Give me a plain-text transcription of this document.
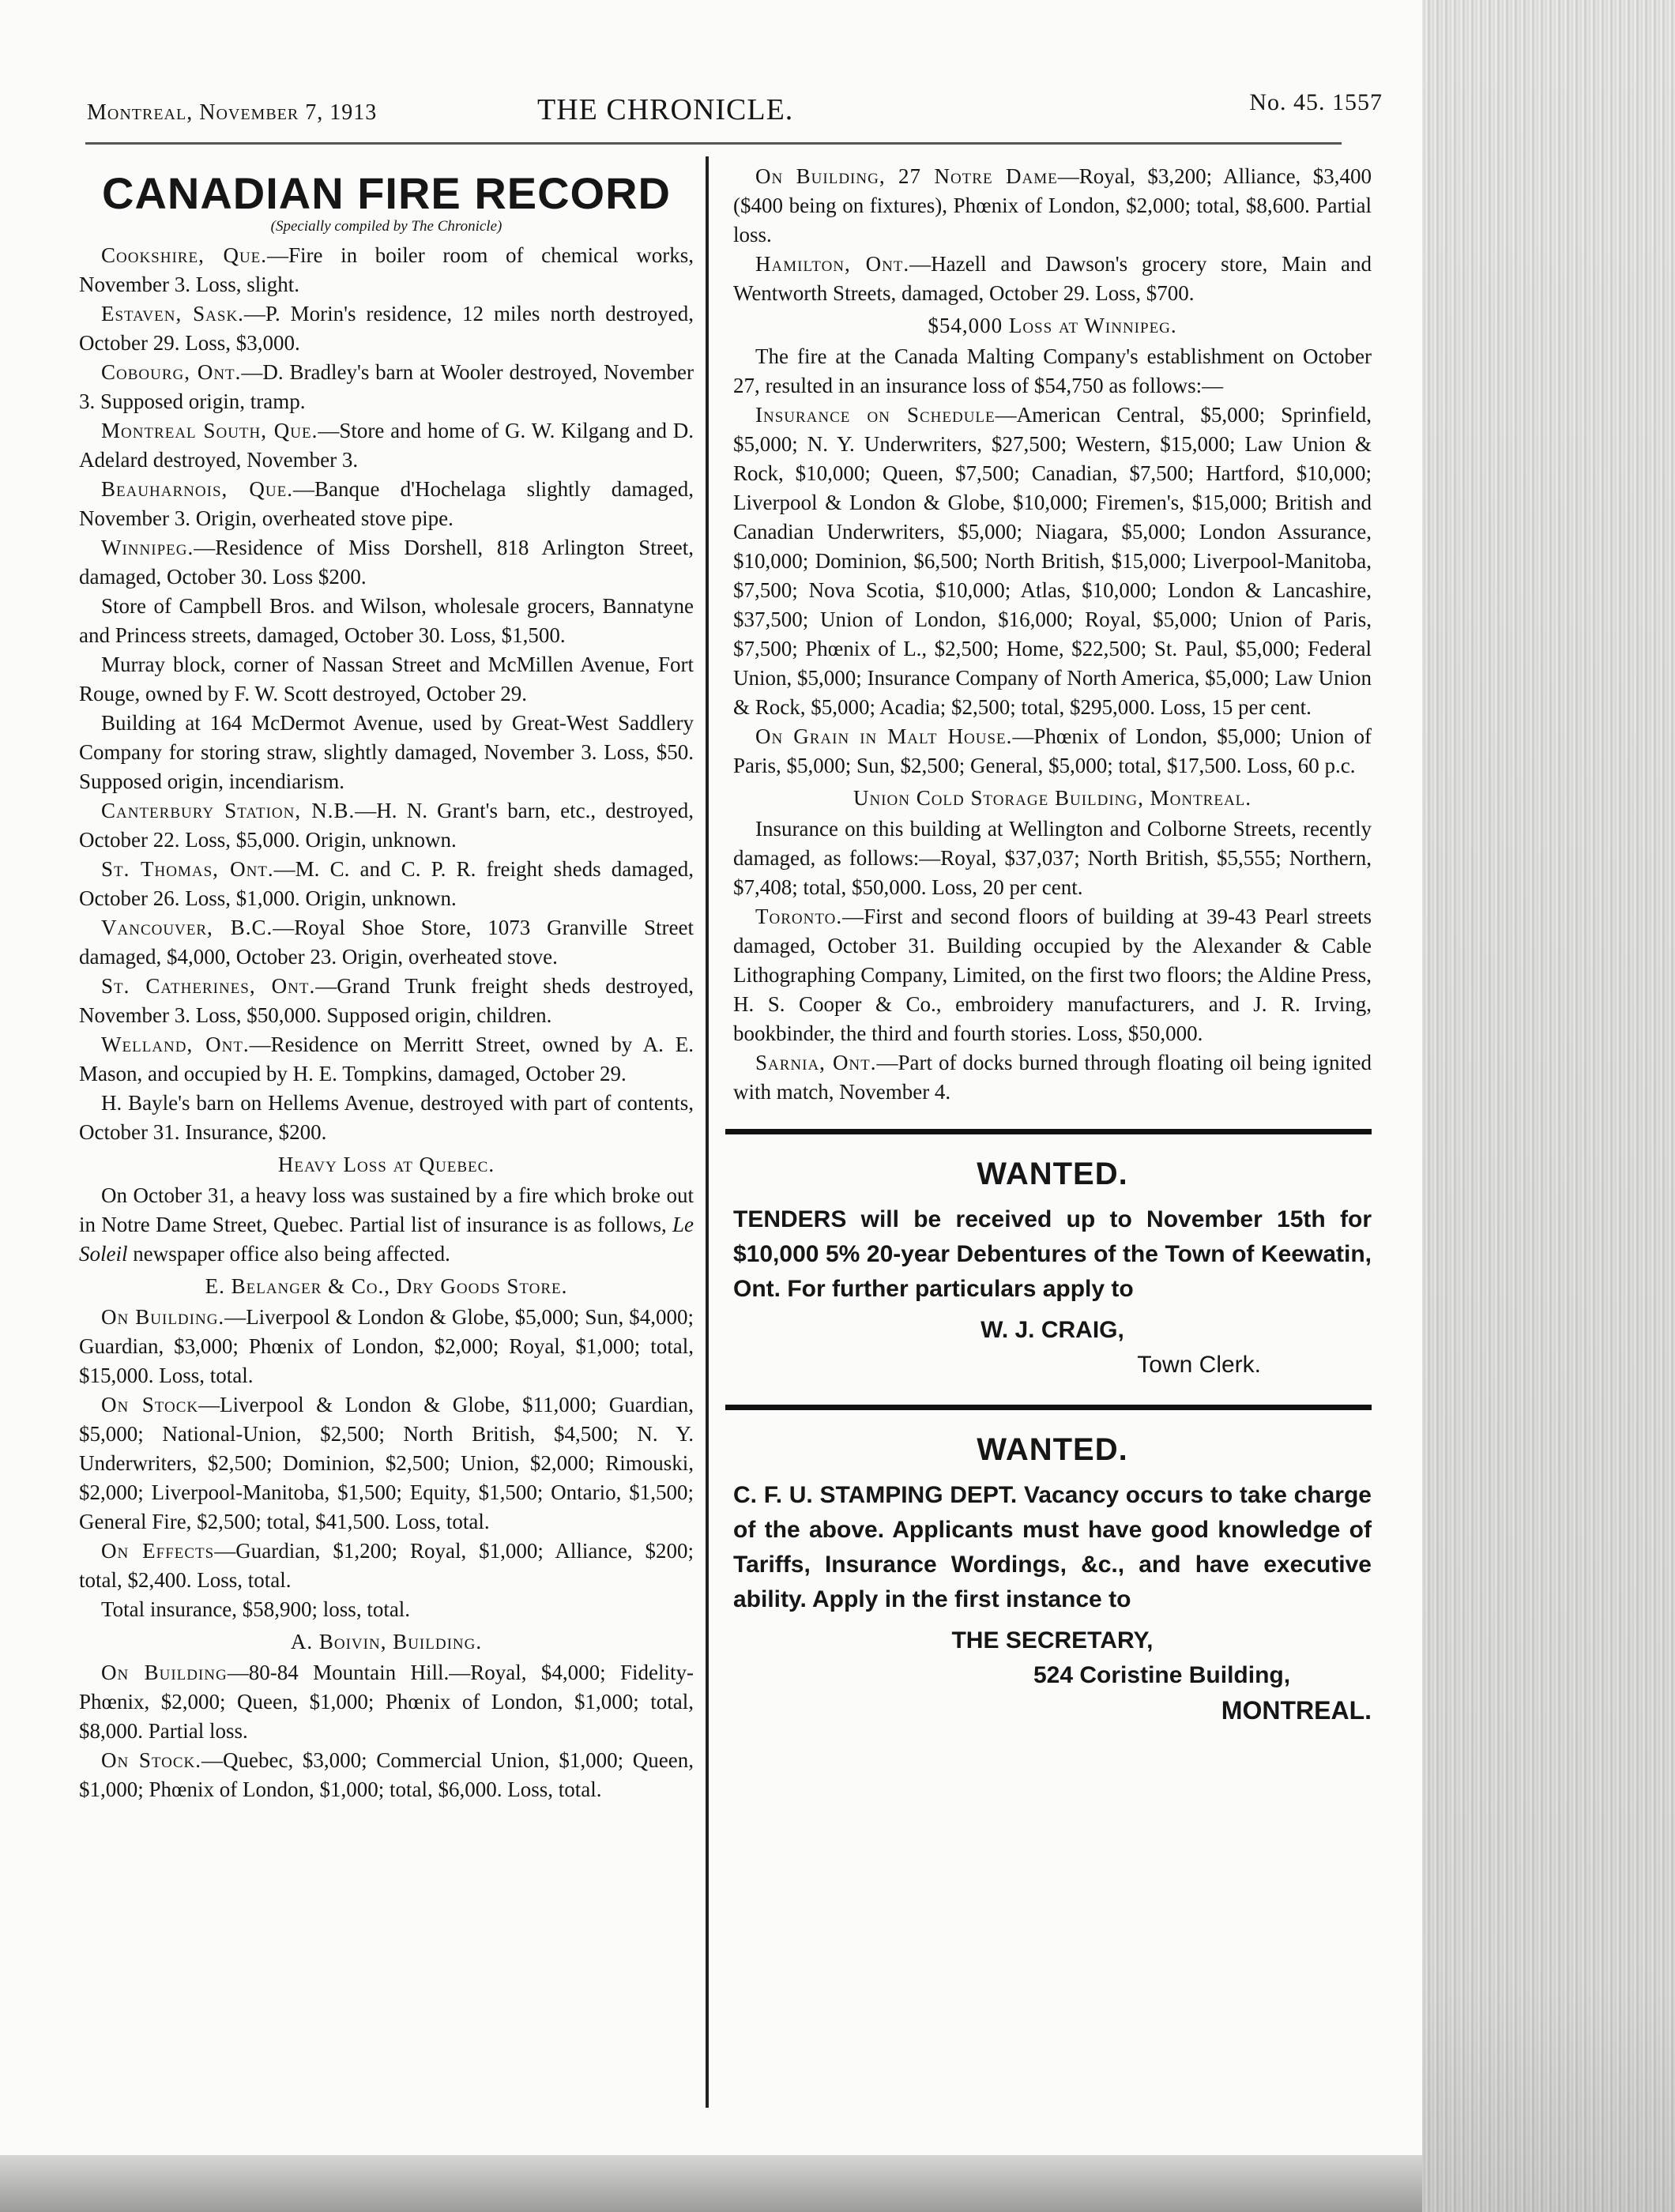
Montreal, November 7, 1913	THE CHRONICLE.	No. 45. 1557
CANADIAN FIRE RECORD
(Specially compiled by The Chronicle)

Cookshire, Que.—Fire in boiler room of chemical works, November 3. Loss, slight.

Estaven, Sask.—P. Morin's residence, 12 miles north destroyed, October 29. Loss, $3,000.

Cobourg, Ont.—D. Bradley's barn at Wooler destroyed, November 3. Supposed origin, tramp.

Montreal South, Que.—Store and home of G. W. Kilgang and D. Adelard destroyed, November 3.

Beauharnois, Que.—Banque d'Hochelaga slightly damaged, November 3. Origin, overheated stove pipe.

Winnipeg.—Residence of Miss Dorshell, 818 Arlington Street, damaged, October 30. Loss $200.

Store of Campbell Bros. and Wilson, wholesale grocers, Bannatyne and Princess streets, damaged, October 30. Loss, $1,500.

Murray block, corner of Nassan Street and McMillen Avenue, Fort Rouge, owned by F. W. Scott destroyed, October 29.

Building at 164 McDermot Avenue, used by Great-West Saddlery Company for storing straw, slightly damaged, November 3. Loss, $50. Supposed origin, incendiarism.

Canterbury Station, N.B.—H. N. Grant's barn, etc., destroyed, October 22. Loss, $5,000. Origin, unknown.

St. Thomas, Ont.—M. C. and C. P. R. freight sheds damaged, October 26. Loss, $1,000. Origin, unknown.

Vancouver, B.C.—Royal Shoe Store, 1073 Granville Street damaged, $4,000, October 23. Origin, overheated stove.

St. Catherines, Ont.—Grand Trunk freight sheds destroyed, November 3. Loss, $50,000. Supposed origin, children.

Welland, Ont.—Residence on Merritt Street, owned by A. E. Mason, and occupied by H. E. Tompkins, damaged, October 29.

H. Bayle's barn on Hellems Avenue, destroyed with part of contents, October 31. Insurance, $200.

Heavy Loss at Quebec.

On October 31, a heavy loss was sustained by a fire which broke out in Notre Dame Street, Quebec. Partial list of insurance is as follows, Le Soleil newspaper office also being affected.

E. Belanger & Co., Dry Goods Store.

On Building.—Liverpool & London & Globe, $5,000; Sun, $4,000; Guardian, $3,000; Phœnix of London, $2,000; Royal, $1,000; total, $15,000. Loss, total.

On Stock—Liverpool & London & Globe, $11,000; Guardian, $5,000; National-Union, $2,500; North British, $4,500; N. Y. Underwriters, $2,500; Dominion, $2,500; Union, $2,000; Rimouski, $2,000; Liverpool-Manitoba, $1,500; Equity, $1,500; Ontario, $1,500; General Fire, $2,500; total, $41,500. Loss, total.

On Effects—Guardian, $1,200; Royal, $1,000; Alliance, $200; total, $2,400. Loss, total.

Total insurance, $58,900; loss, total.

A. Boivin, Building.

On Building—80-84 Mountain Hill.—Royal, $4,000; Fidelity-Phœnix, $2,000; Queen, $1,000; Phœnix of London, $1,000; total, $8,000. Partial loss.

On Stock.—Quebec, $3,000; Commercial Union, $1,000; Queen, $1,000; Phœnix of London, $1,000; total, $6,000. Loss, total.

On Building, 27 Notre Dame—Royal, $3,200; Alliance, $3,400 ($400 being on fixtures), Phœnix of London, $2,000; total, $8,600. Partial loss.

Hamilton, Ont.—Hazell and Dawson's grocery store, Main and Wentworth Streets, damaged, October 29. Loss, $700.

$54,000 Loss at Winnipeg.

The fire at the Canada Malting Company's establishment on October 27, resulted in an insurance loss of $54,750 as follows:—

Insurance on Schedule—American Central, $5,000; Sprinfield, $5,000; N. Y. Underwriters, $27,500; Western, $15,000; Law Union & Rock, $10,000; Queen, $7,500; Canadian, $7,500; Hartford, $10,000; Liverpool & London & Globe, $10,000; Firemen's, $15,000; British and Canadian Underwriters, $5,000; Niagara, $5,000; London Assurance, $10,000; Dominion, $6,500; North British, $15,000; Liverpool-Manitoba, $7,500; Nova Scotia, $10,000; Atlas, $10,000; London & Lancashire, $37,500; Union of London, $16,000; Royal, $5,000; Union of Paris, $7,500; Phœnix of L., $2,500; Home, $22,500; St. Paul, $5,000; Federal Union, $5,000; Insurance Company of North America, $5,000; Law Union & Rock, $5,000; Acadia; $2,500; total, $295,000. Loss, 15 per cent.

On Grain in Malt House.—Phœnix of London, $5,000; Union of Paris, $5,000; Sun, $2,500; General, $5,000; total, $17,500. Loss, 60 p.c.

Union Cold Storage Building, Montreal.

Insurance on this building at Wellington and Colborne Streets, recently damaged, as follows:—Royal, $37,037; North British, $5,555; Northern, $7,408; total, $50,000. Loss, 20 per cent.

Toronto.—First and second floors of building at 39-43 Pearl streets damaged, October 31. Building occupied by the Alexander & Cable Lithographing Company, Limited, on the first two floors; the Aldine Press, H. S. Cooper & Co., embroidery manufacturers, and J. R. Irving, bookbinder, the third and fourth stories. Loss, $50,000.

Sarnia, Ont.—Part of docks burned through floating oil being ignited with match, November 4.

WANTED.
TENDERS will be received up to November 15th for $10,000 5% 20-year Debentures of the Town of Keewatin, Ont. For further particulars apply to
W. J. CRAIG,
Town Clerk.
WANTED.
C. F. U. STAMPING DEPT. Vacancy occurs to take charge of the above. Applicants must have good knowledge of Tariffs, Insurance Wordings, &c., and have executive ability. Apply in the first instance to
THE SECRETARY,
524 Coristine Building,
MONTREAL.
